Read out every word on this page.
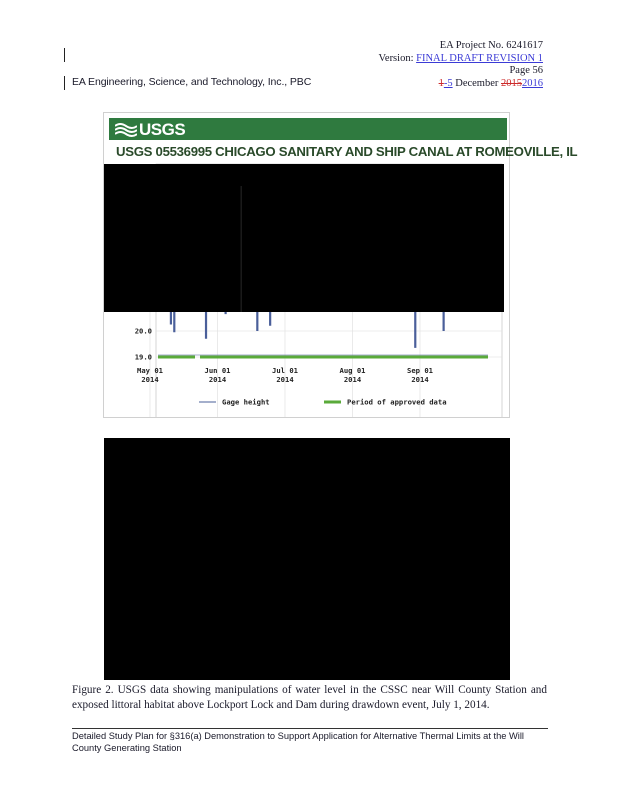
EA Project No. 6241617
Version: FINAL DRAFT REVISION 1
Page 56
1-5 December 20152016
EA Engineering, Science, and Technology, Inc., PBC
USGS
USGS 05536995 CHICAGO SANITARY AND SHIP CANAL AT ROMEOVILLE, IL
20.0
19.0
May 01
2014
Jun 01
2014
Jul 01
2014
Aug 01
2014
Sep 01
2014
Gage height	Period of approved data
Figure 2. USGS data showing manipulations of water level in the CSSC near Will County Station and exposed littoral habitat above Lockport Lock and Dam during drawdown event, July 1, 2014.
Detailed Study Plan for §316(a) Demonstration to Support Application for Alternative Thermal Limits at the Will
County Generating Station
